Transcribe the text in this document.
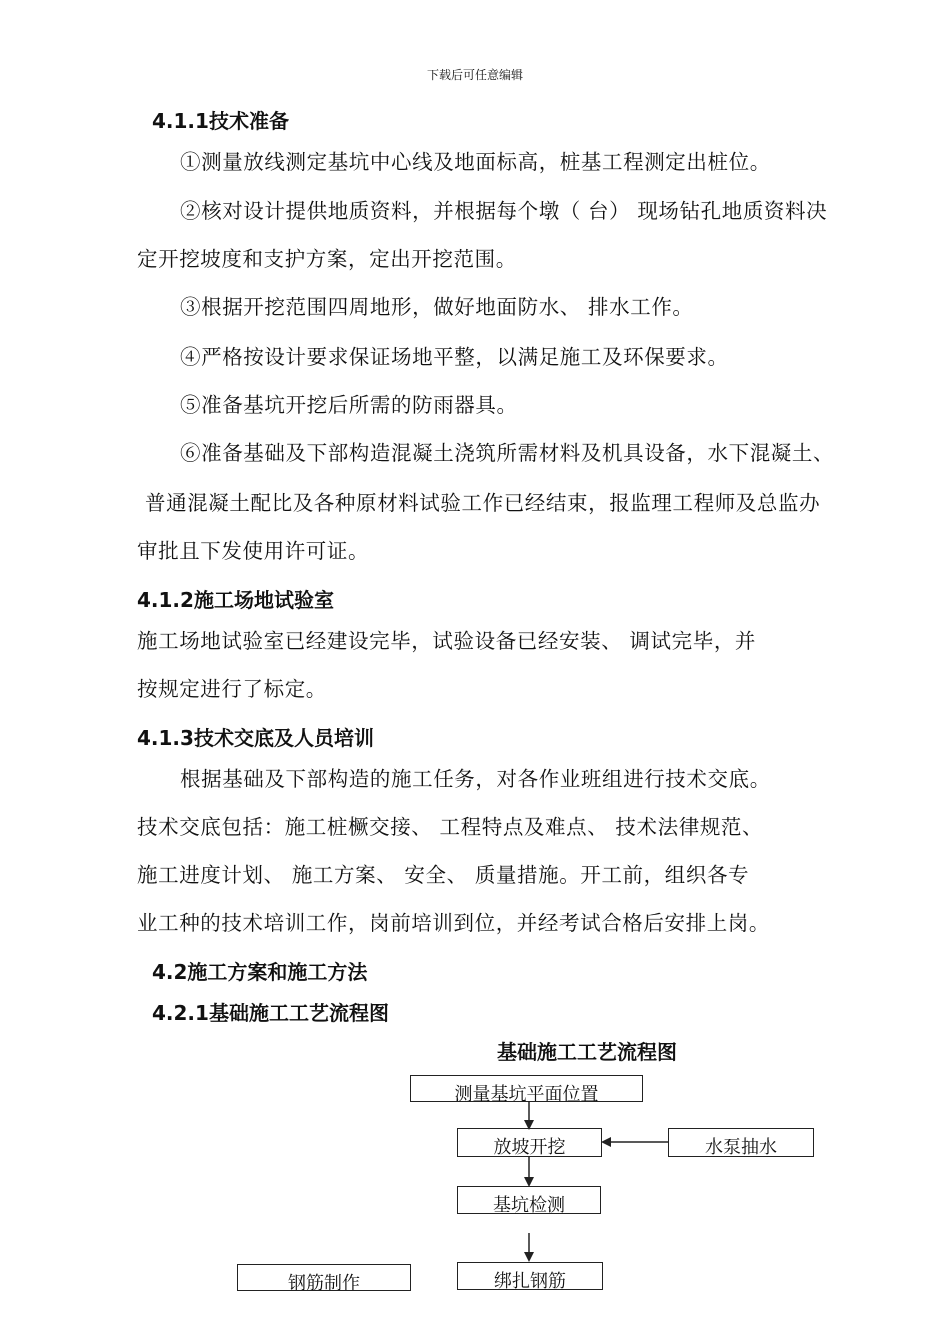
下载后可任意编辑
4.1.1技术准备
①测量放线测定基坑中心线及地面标高，桩基工程测定出桩位。
②核对设计提供地质资料，并根据每个墩（ 台） 现场钻孔地质资料决
定开挖坡度和支护方案，定出开挖范围。
③根据开挖范围四周地形，做好地面防水、 排水工作。
④严格按设计要求保证场地平整，以满足施工及环保要求。
⑤准备基坑开挖后所需的防雨器具。
⑥准备基础及下部构造混凝土浇筑所需材料及机具设备，水下混凝土、
普通混凝土配比及各种原材料试验工作已经结束，报监理工程师及总监办
审批且下发使用许可证。
4.1.2施工场地试验室
施工场地试验室已经建设完毕，试验设备已经安装、 调试完毕，并
按规定进行了标定。
4.1.3技术交底及人员培训
根据基础及下部构造的施工任务，对各作业班组进行技术交底。
技术交底包括：施工桩橛交接、 工程特点及难点、 技术法律规范、
施工进度计划、 施工方案、 安全、 质量措施。开工前，组织各专
业工种的技术培训工作，岗前培训到位，并经考试合格后安排上岗。
4.2施工方案和施工方法
4.2.1基础施工工艺流程图
基础施工工艺流程图
测量基坑平面位置
放坡开挖	水泵抽水
基坑检测
绑扎钢筋
钢筋制作
